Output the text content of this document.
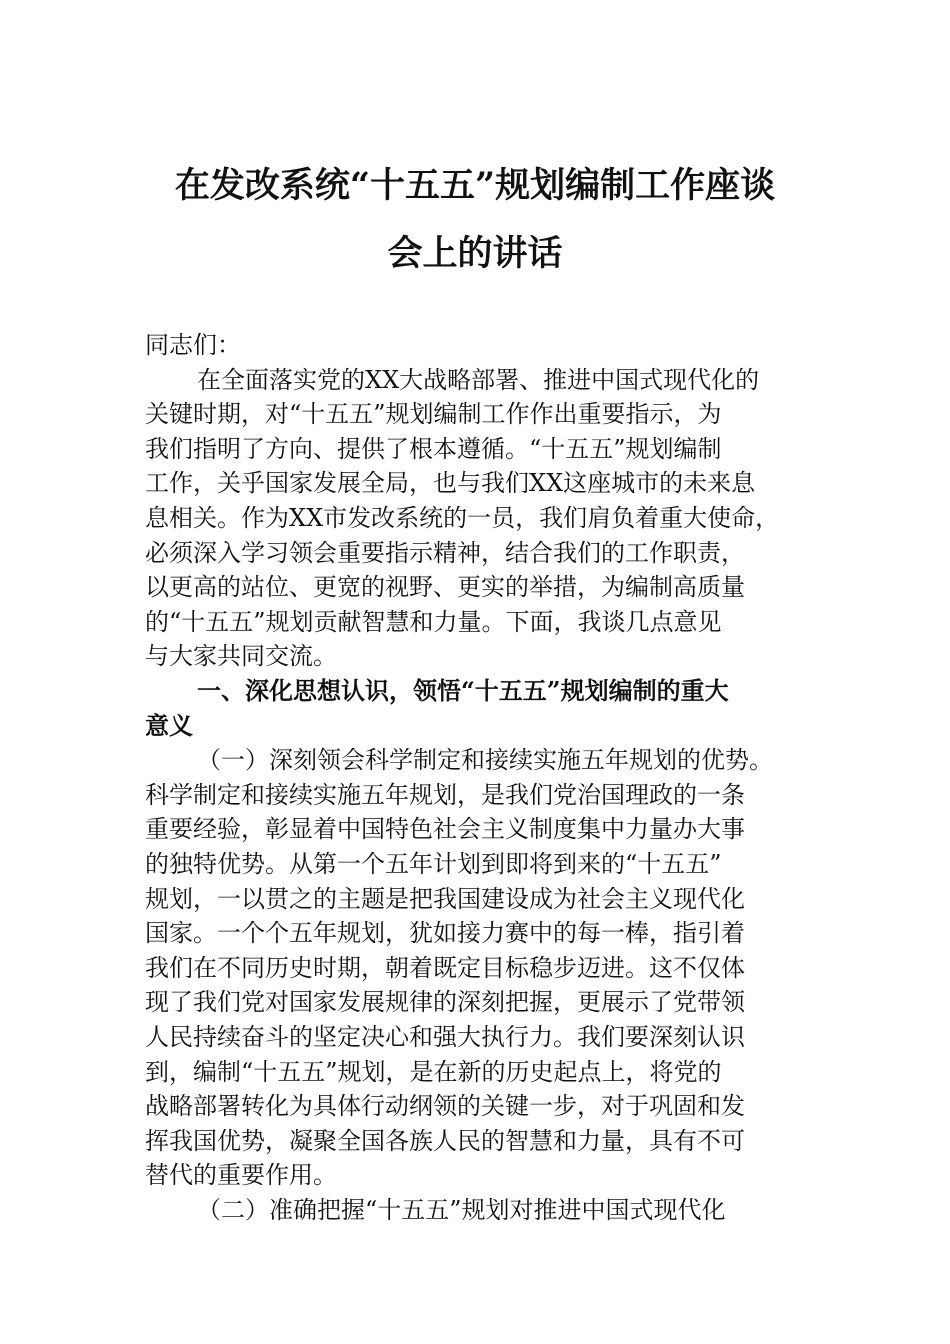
在发改系统“十五五”规划编制工作座谈
会上的讲话
同志们：
在全面落实党的XX大战略部署、推进中国式现代化的
关键时期，对“十五五”规划编制工作作出重要指示，为
我们指明了方向、提供了根本遵循。“十五五”规划编制
工作，关乎国家发展全局，也与我们XX这座城市的未来息
息相关。作为XX市发改系统的一员，我们肩负着重大使命，
必须深入学习领会重要指示精神，结合我们的工作职责，
以更高的站位、更宽的视野、更实的举措，为编制高质量
的“十五五”规划贡献智慧和力量。下面，我谈几点意见
与大家共同交流。
一、深化思想认识，领悟“十五五”规划编制的重大
意义
（一）深刻领会科学制定和接续实施五年规划的优势。
科学制定和接续实施五年规划，是我们党治国理政的一条
重要经验，彰显着中国特色社会主义制度集中力量办大事
的独特优势。从第一个五年计划到即将到来的“十五五”
规划，一以贯之的主题是把我国建设成为社会主义现代化
国家。一个个五年规划，犹如接力赛中的每一棒，指引着
我们在不同历史时期，朝着既定目标稳步迈进。这不仅体
现了我们党对国家发展规律的深刻把握，更展示了党带领
人民持续奋斗的坚定决心和强大执行力。我们要深刻认识
到，编制“十五五”规划，是在新的历史起点上，将党的
战略部署转化为具体行动纲领的关键一步，对于巩固和发
挥我国优势，凝聚全国各族人民的智慧和力量，具有不可
替代的重要作用。
（二）准确把握“十五五”规划对推进中国式现代化
